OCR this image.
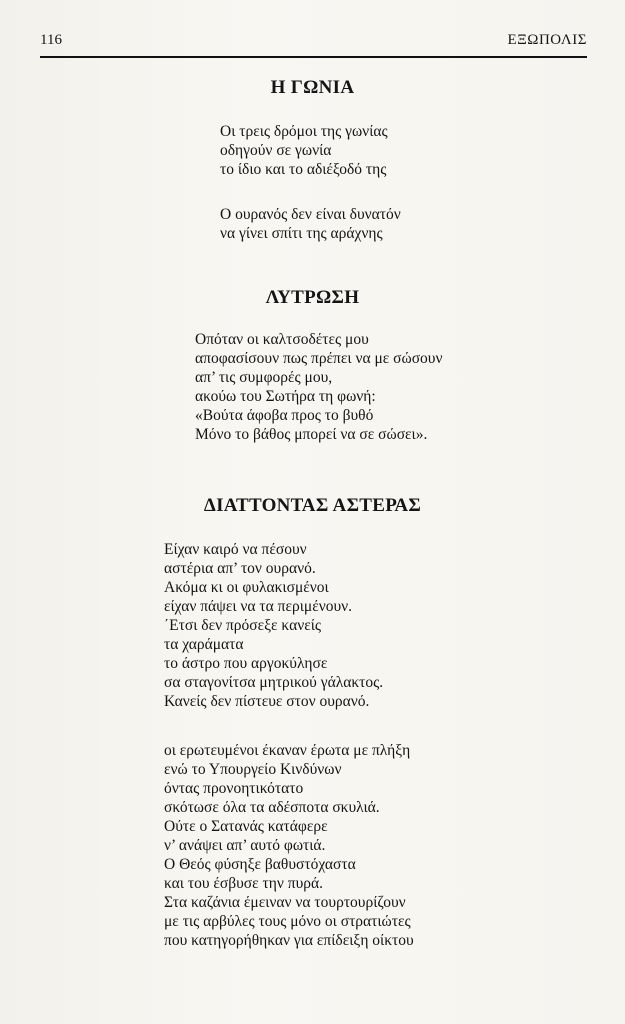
116	ΕΞΩΠΟΛΙΣ
Η ΓΩΝΙΑ
Οι τρεις δρόμοι της γωνίας
οδηγούν σε γωνία
το ίδιο και το αδιέξοδό της
Ο ουρανός δεν είναι δυνατόν
να γίνει σπίτι της αράχνης
ΛΥΤΡΩΣΗ
Οπόταν οι καλτσοδέτες μου
αποφασίσουν πως πρέπει να με σώσουν
απ’ τις συμφορές μου,
ακούω του Σωτήρα τη φωνή:
«Βούτα άφοβα προς το βυθό
Μόνο το βάθος μπορεί να σε σώσει».
ΔΙΑΤΤΟΝΤΑΣ ΑΣΤΕΡΑΣ
Είχαν καιρό να πέσουν
αστέρια απ’ τον ουρανό.
Ακόμα κι οι φυλακισμένοι
είχαν πάψει να τα περιμένουν.
΄Ετσι δεν πρόσεξε κανείς
τα χαράματα
το άστρο που αργοκύλησε
σα σταγονίτσα μητρικού γάλακτος.
Κανείς δεν πίστευε στον ουρανό.
οι ερωτευμένοι έκαναν έρωτα με πλήξη
ενώ το Υπουργείο Κινδύνων
όντας προνοητικότατο
σκότωσε όλα τα αδέσποτα σκυλιά.
Ούτε ο Σατανάς κατάφερε
ν’ ανάψει απ’ αυτό φωτιά.
Ο Θεός φύσηξε βαθυστόχαστα
και του έσβυσε την πυρά.
Στα καζάνια έμειναν να τουρτουρίζουν
με τις αρβύλες τους μόνο οι στρατιώτες
που κατηγορήθηκαν για επίδειξη οίκτου
